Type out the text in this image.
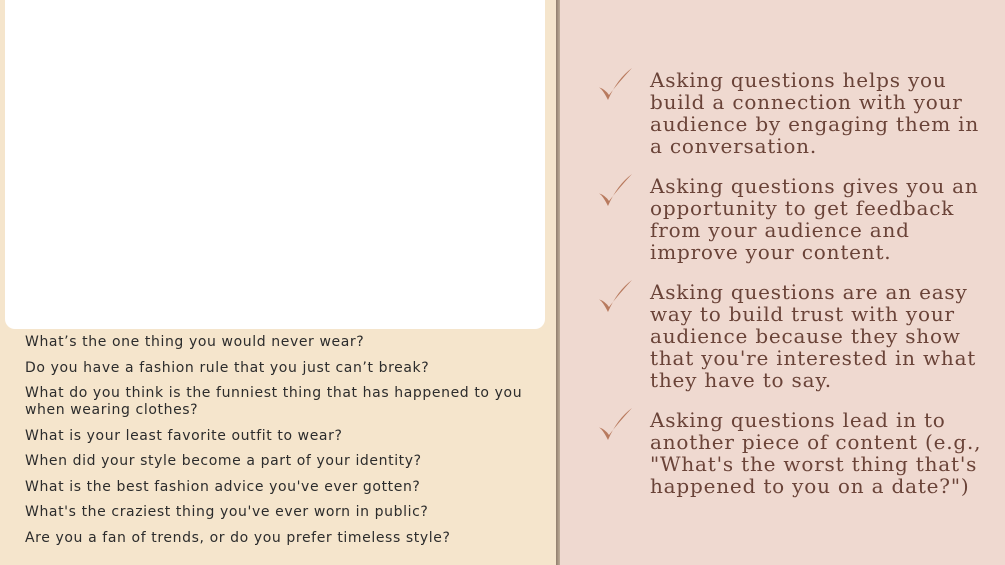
What’s the one thing you would never wear?
Do you have a fashion rule that you just can’t break?
What do you think is the funniest thing that has happened to you when wearing clothes?
What is your least favorite outfit to wear?
When did your style become a part of your identity?
What is the best fashion advice you've ever gotten?
What's the craziest thing you've ever worn in public?
Are you a fan of trends, or do you prefer timeless style?
Asking questions helps you build a connection with your audience by engaging them in a conversation.
Asking questions gives you an opportunity to get feedback from your audience and improve your content.
Asking questions are an easy way to build trust with your audience because they show that you're interested in what they have to say.
Asking questions lead in to another piece of content (e.g., "What's the worst thing that's happened to you on a date?")
